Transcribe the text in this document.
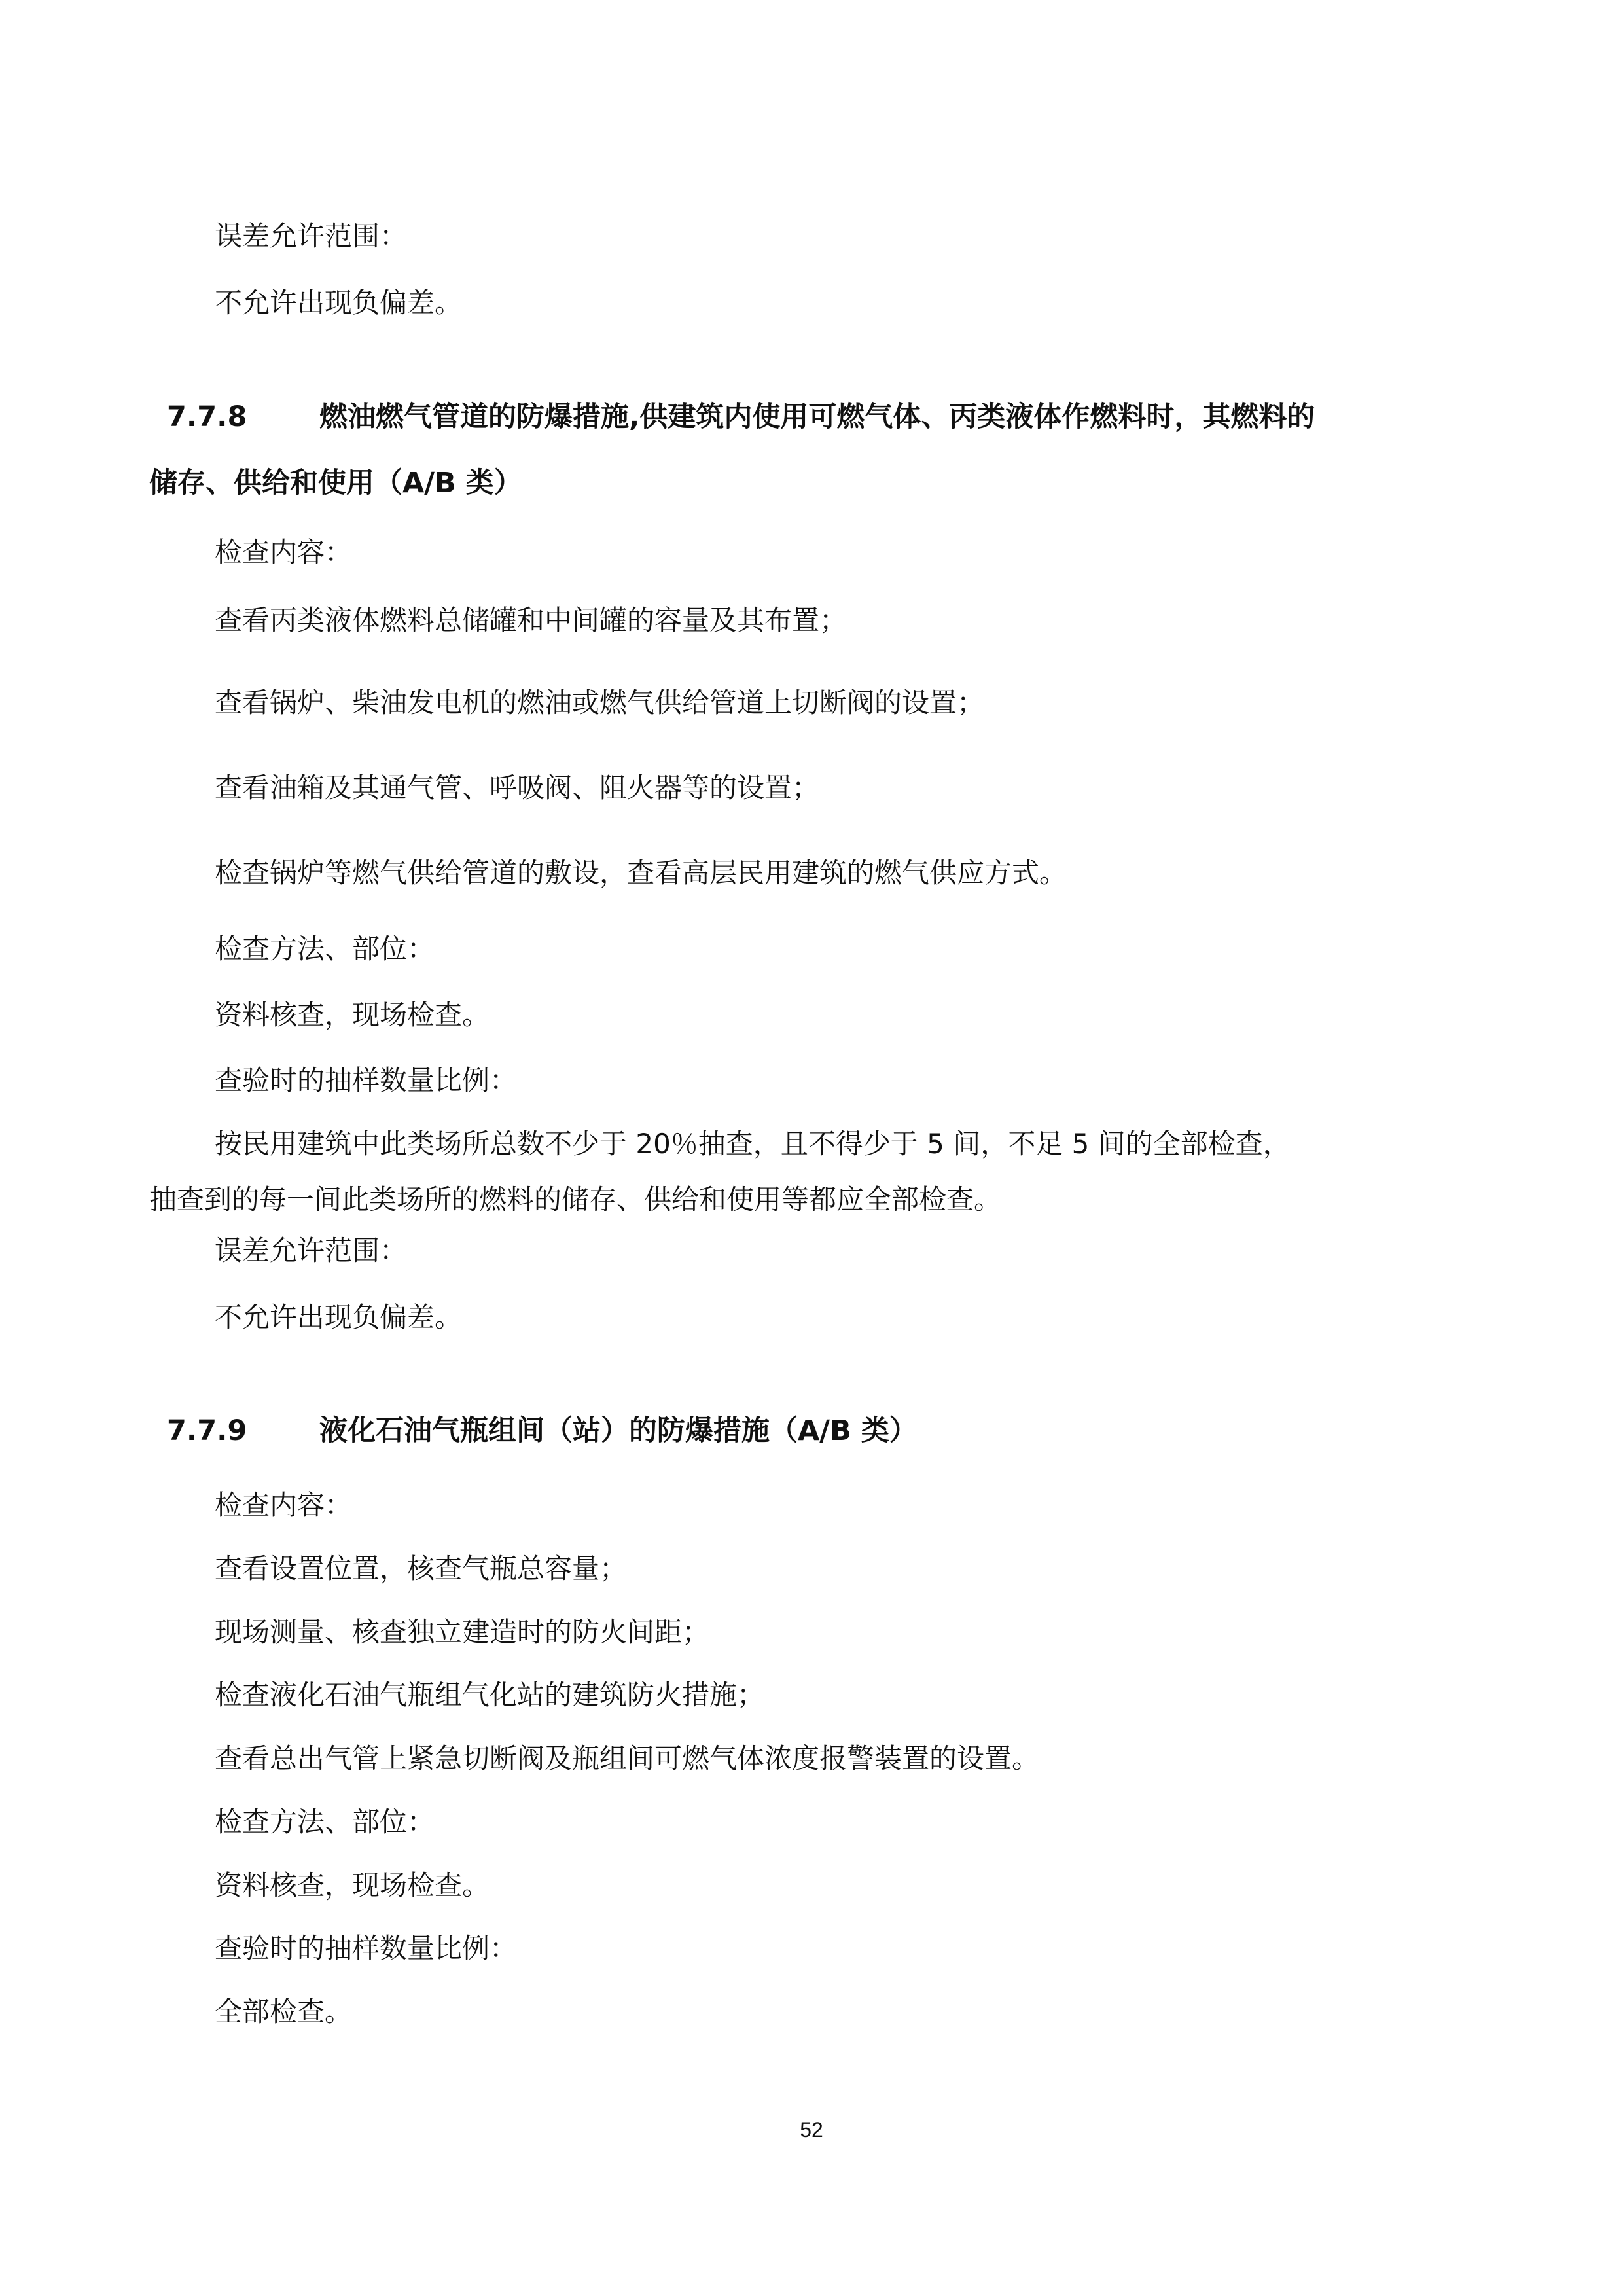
误差允许范围：
不允许出现负偏差。
7.7.8	燃油燃气管道的防爆措施,供建筑内使用可燃气体、丙类液体作燃料时，其燃料的
储存、供给和使用（A/B 类）
检查内容：
查看丙类液体燃料总储罐和中间罐的容量及其布置；
查看锅炉、柴油发电机的燃油或燃气供给管道上切断阀的设置；
查看油箱及其通气管、呼吸阀、阻火器等的设置；
检查锅炉等燃气供给管道的敷设，查看高层民用建筑的燃气供应方式。
检查方法、部位：
资料核查，现场检查。
查验时的抽样数量比例：
按民用建筑中此类场所总数不少于 20％抽查，且不得少于 5 间，不足 5 间的全部检查，
抽查到的每一间此类场所的燃料的储存、供给和使用等都应全部检查。
误差允许范围：
不允许出现负偏差。
7.7.9	液化石油气瓶组间（站）的防爆措施（A/B 类）
检查内容：
查看设置位置，核查气瓶总容量；
现场测量、核查独立建造时的防火间距；
检查液化石油气瓶组气化站的建筑防火措施；
查看总出气管上紧急切断阀及瓶组间可燃气体浓度报警装置的设置。
检查方法、部位：
资料核查，现场检查。
查验时的抽样数量比例：
全部检查。
52
